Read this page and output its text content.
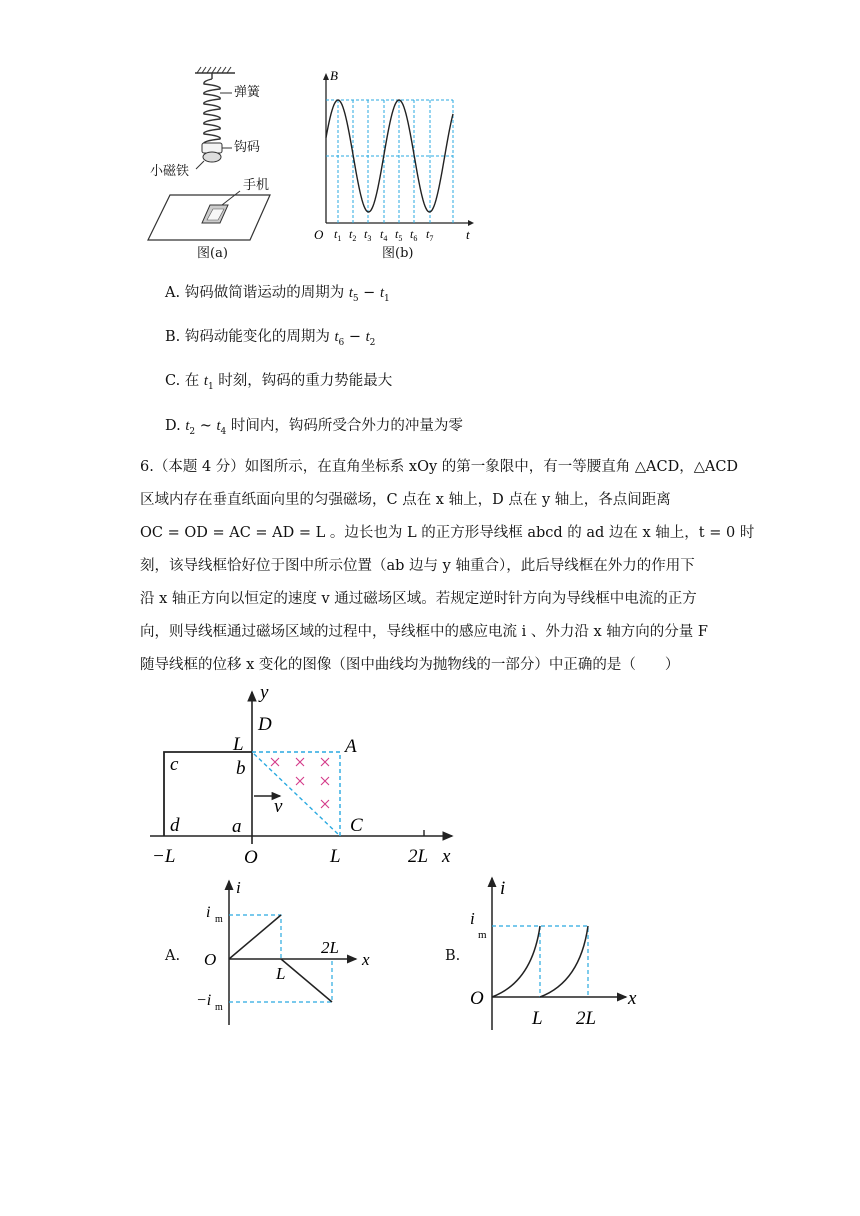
弹簧
钩码
小磁铁
手机
图(a)
B
O	t
$t_1$ $t_2$ $t_3$ $t_4$ $t_5$ $t_6$ $t_7$
图(b)
A. 钩码做简谐运动的周期为 $t_5 - t_1$
B. 钩码动能变化的周期为 $t_6 - t_2$
C. 在 $t_1$ 时刻，钩码的重力势能最大
D. $t_2$ ~ $t_4$ 时间内，钩码所受合外力的冲量为零
6.（本题 4 分）如图所示，在直角坐标系 xOy 的第一象限中，有一等腰直角 △ACD，△ACD
区域内存在垂直纸面向里的匀强磁场，C 点在 x 轴上，D 点在 y 轴上，各点间距离
OC = OD = AC = AD = L 。边长也为 L 的正方形导线框 abcd 的 ad 边在 x 轴上，t = 0 时
刻，该导线框恰好位于图中所示位置（ab 边与 y 轴重合），此后导线框在外力的作用下
沿 x 轴正方向以恒定的速度 v 通过磁场区域。若规定逆时针方向为导线框中电流的正方
向，则导线框通过磁场区域的过程中，导线框中的感应电流 i 、外力沿 x 轴方向的分量 F
随导线框的位移 x 变化的图像（图中曲线均为抛物线的一部分）中正确的是（　　）
y
D
L	A
c	b
v
d	a	C
−L	O	L	2L x
A.
i
i m
O
L
2L
x
−i m
B.
i
i
m
O
L 2L
x
